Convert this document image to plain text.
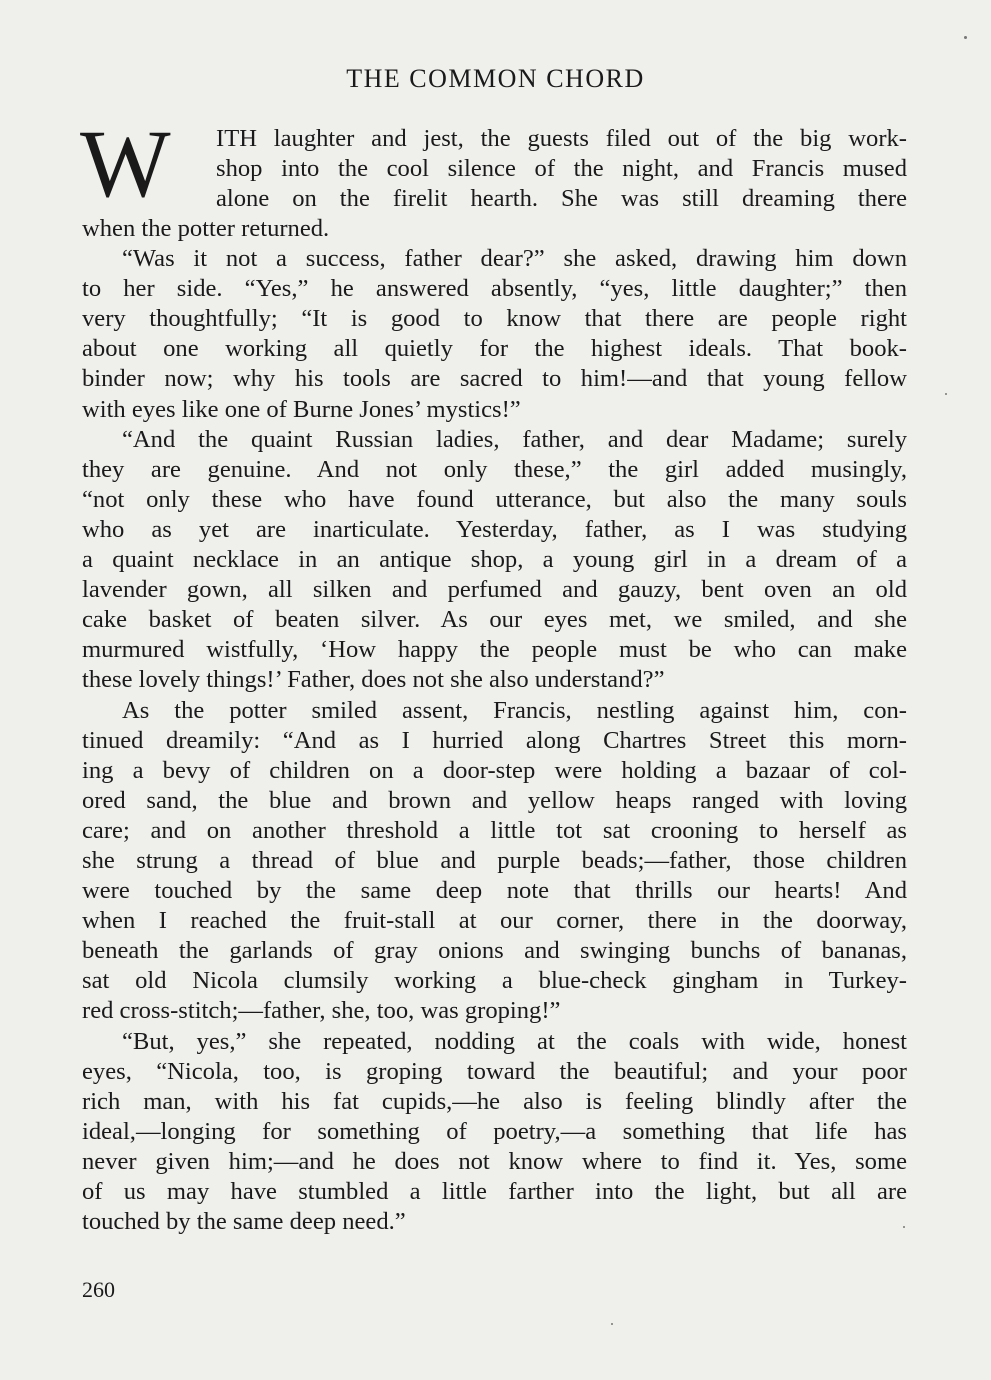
THE COMMON CHORD
W ITH laughter and jest, the guests filed out of the big work-
shop into the cool silence of the night, and Francis mused
alone on the firelit hearth. She was still dreaming there
when the potter returned.
“Was it not a success, father dear?” she asked, drawing him down
to her side. “Yes,” he answered absently, “yes, little daughter;” then
very thoughtfully; “It is good to know that there are people right
about one working all quietly for the highest ideals. That book-
binder now; why his tools are sacred to him!—and that young fellow
with eyes like one of Burne Jones’ mystics!”
“And the quaint Russian ladies, father, and dear Madame; surely
they are genuine. And not only these,” the girl added musingly,
“not only these who have found utterance, but also the many souls
who as yet are inarticulate. Yesterday, father, as I was studying
a quaint necklace in an antique shop, a young girl in a dream of a
lavender gown, all silken and perfumed and gauzy, bent oven an old
cake basket of beaten silver. As our eyes met, we smiled, and she
murmured wistfully, ‘How happy the people must be who can make
these lovely things!’ Father, does not she also understand?”
As the potter smiled assent, Francis, nestling against him, con-
tinued dreamily: “And as I hurried along Chartres Street this morn-
ing a bevy of children on a door-step were holding a bazaar of col-
ored sand, the blue and brown and yellow heaps ranged with loving
care; and on another threshold a little tot sat crooning to herself as
she strung a thread of blue and purple beads;—father, those children
were touched by the same deep note that thrills our hearts! And
when I reached the fruit-stall at our corner, there in the doorway,
beneath the garlands of gray onions and swinging bunchs of bananas,
sat old Nicola clumsily working a blue-check gingham in Turkey-
red cross-stitch;—father, she, too, was groping!”
“But, yes,” she repeated, nodding at the coals with wide, honest
eyes, “Nicola, too, is groping toward the beautiful; and your poor
rich man, with his fat cupids,—he also is feeling blindly after the
ideal,—longing for something of poetry,—a something that life has
never given him;—and he does not know where to find it. Yes, some
of us may have stumbled a little farther into the light, but all are
touched by the same deep need.”
260
